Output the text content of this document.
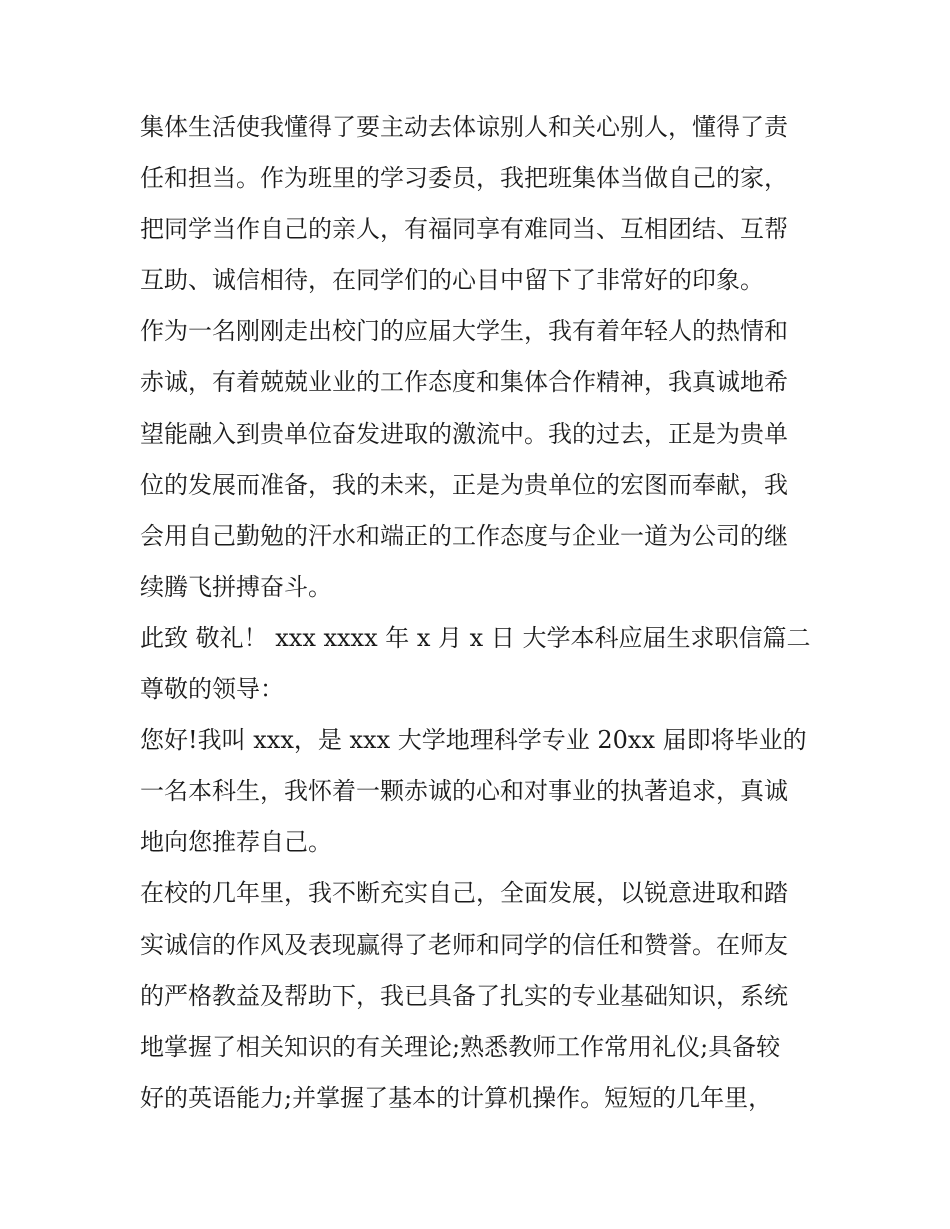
集体生活使我懂得了要主动去体谅别人和关心别人，懂得了责
任和担当。作为班里的学习委员，我把班集体当做自己的家，
把同学当作自己的亲人，有福同享有难同当、互相团结、互帮
互助、诚信相待，在同学们的心目中留下了非常好的印象。
作为一名刚刚走出校门的应届大学生，我有着年轻人的热情和
赤诚，有着兢兢业业的工作态度和集体合作精神，我真诚地希
望能融入到贵单位奋发进取的激流中。我的过去，正是为贵单
位的发展而准备，我的未来，正是为贵单位的宏图而奉献，我
会用自己勤勉的汗水和端正的工作态度与企业一道为公司的继
续腾飞拼搏奋斗。
此致 敬礼！ xxx xxxx 年 x 月 x 日 大学本科应届生求职信篇二
尊敬的领导：
您好!我叫 xxx，是 xxx 大学地理科学专业 20xx 届即将毕业的
一名本科生，我怀着一颗赤诚的心和对事业的执著追求，真诚
地向您推荐自己。
在校的几年里，我不断充实自己，全面发展，以锐意进取和踏
实诚信的作风及表现赢得了老师和同学的信任和赞誉。在师友
的严格教益及帮助下，我已具备了扎实的专业基础知识，系统
地掌握了相关知识的有关理论;熟悉教师工作常用礼仪;具备较
好的英语能力;并掌握了基本的计算机操作。短短的几年里，
